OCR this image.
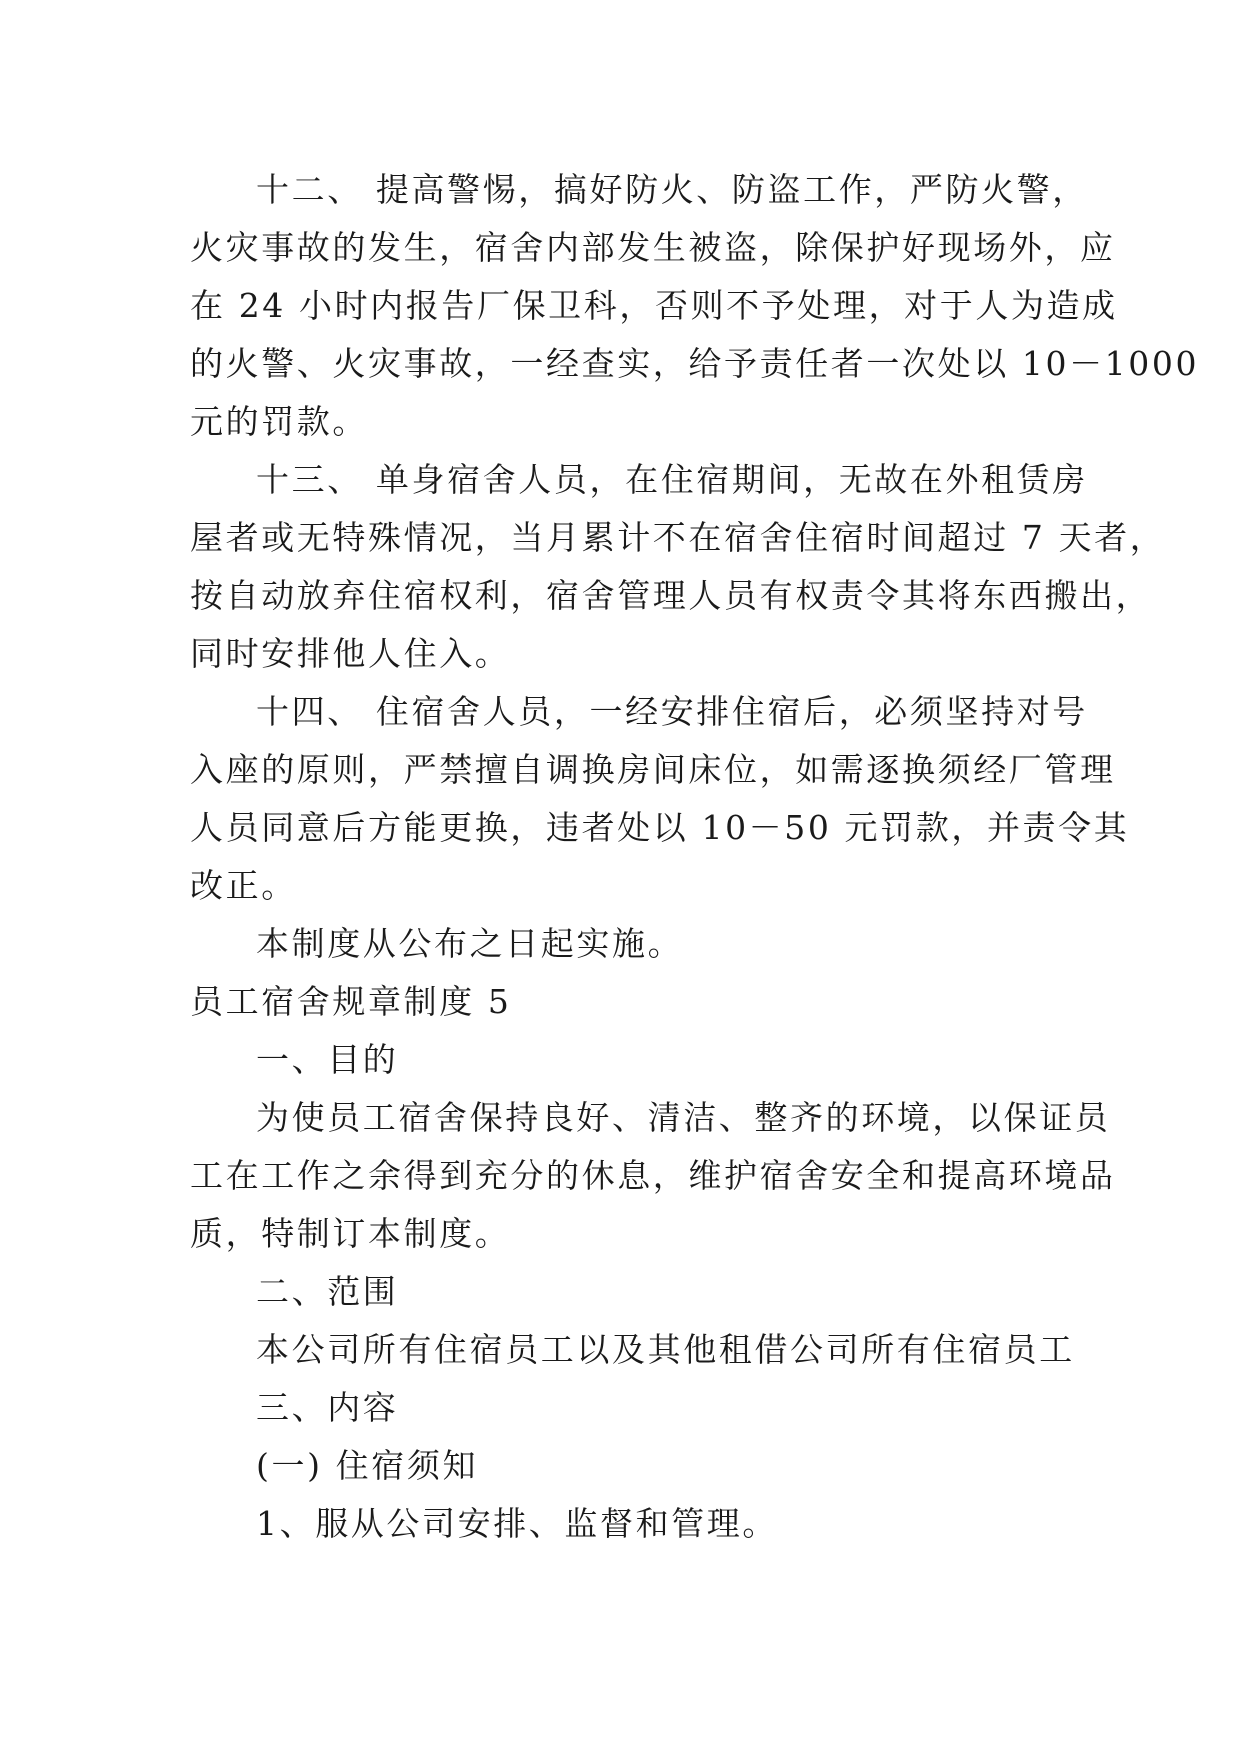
十二、 提高警惕，搞好防火、防盗工作，严防火警，
火灾事故的发生，宿舍内部发生被盗，除保护好现场外，应
在 24 小时内报告厂保卫科，否则不予处理，对于人为造成
的火警、火灾事故，一经查实，给予责任者一次处以 10－1000
元的罚款。
十三、 单身宿舍人员，在住宿期间，无故在外租赁房
屋者或无特殊情况，当月累计不在宿舍住宿时间超过 7 天者，
按自动放弃住宿权利，宿舍管理人员有权责令其将东西搬出，
同时安排他人住入。
十四、 住宿舍人员，一经安排住宿后，必须坚持对号
入座的原则，严禁擅自调换房间床位，如需逐换须经厂管理
人员同意后方能更换，违者处以 10－50 元罚款，并责令其
改正。
本制度从公布之日起实施。
员工宿舍规章制度 5
一、目的
为使员工宿舍保持良好、清洁、整齐的环境，以保证员
工在工作之余得到充分的休息，维护宿舍安全和提高环境品
质，特制订本制度。
二、范围
本公司所有住宿员工以及其他租借公司所有住宿员工
三、内容
(一) 住宿须知
1、服从公司安排、监督和管理。
